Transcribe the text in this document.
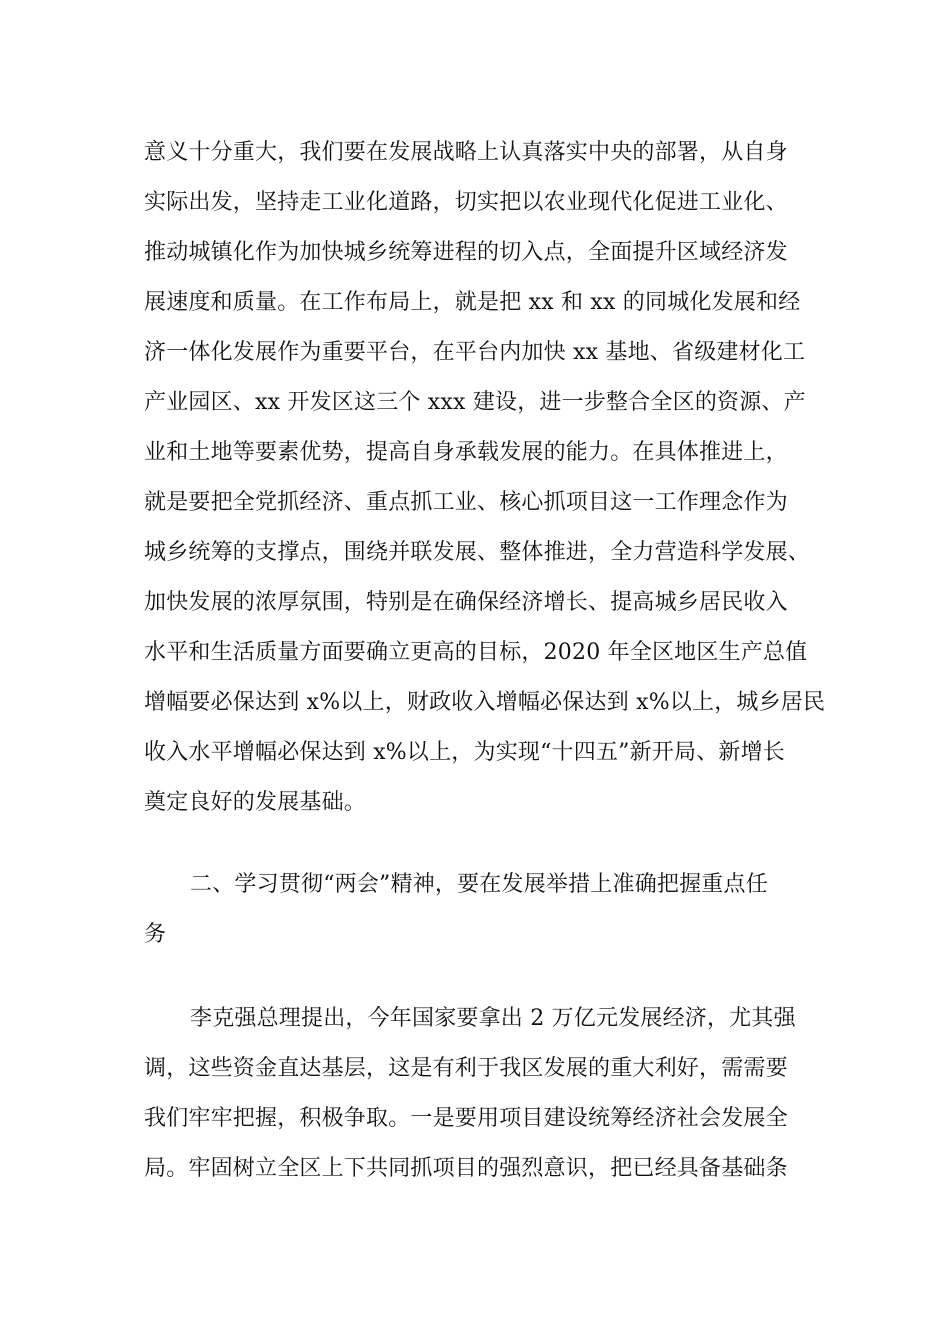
意义十分重大，我们要在发展战略上认真落实中央的部署，从自身

实际出发，坚持走工业化道路，切实把以农业现代化促进工业化、

推动城镇化作为加快城乡统筹进程的切入点，全面提升区域经济发

展速度和质量。在工作布局上，就是把 xx 和 xx 的同城化发展和经

济一体化发展作为重要平台，在平台内加快 xx 基地、省级建材化工

产业园区、xx 开发区这三个 xxx 建设，进一步整合全区的资源、产

业和土地等要素优势，提高自身承载发展的能力。在具体推进上，

就是要把全党抓经济、重点抓工业、核心抓项目这一工作理念作为

城乡统筹的支撑点，围绕并联发展、整体推进，全力营造科学发展、

加快发展的浓厚氛围，特别是在确保经济增长、提高城乡居民收入

水平和生活质量方面要确立更高的目标，2020 年全区地区生产总值

增幅要必保达到 x%以上，财政收入增幅必保达到 x%以上，城乡居民

收入水平增幅必保达到 x%以上，为实现“十四五”新开局、新增长

奠定良好的发展基础。

二、学习贯彻“两会”精神，要在发展举措上准确把握重点任

务

李克强总理提出，今年国家要拿出 2 万亿元发展经济，尤其强

调，这些资金直达基层，这是有利于我区发展的重大利好，需需要

我们牢牢把握，积极争取。一是要用项目建设统筹经济社会发展全

局。牢固树立全区上下共同抓项目的强烈意识，把已经具备基础条
